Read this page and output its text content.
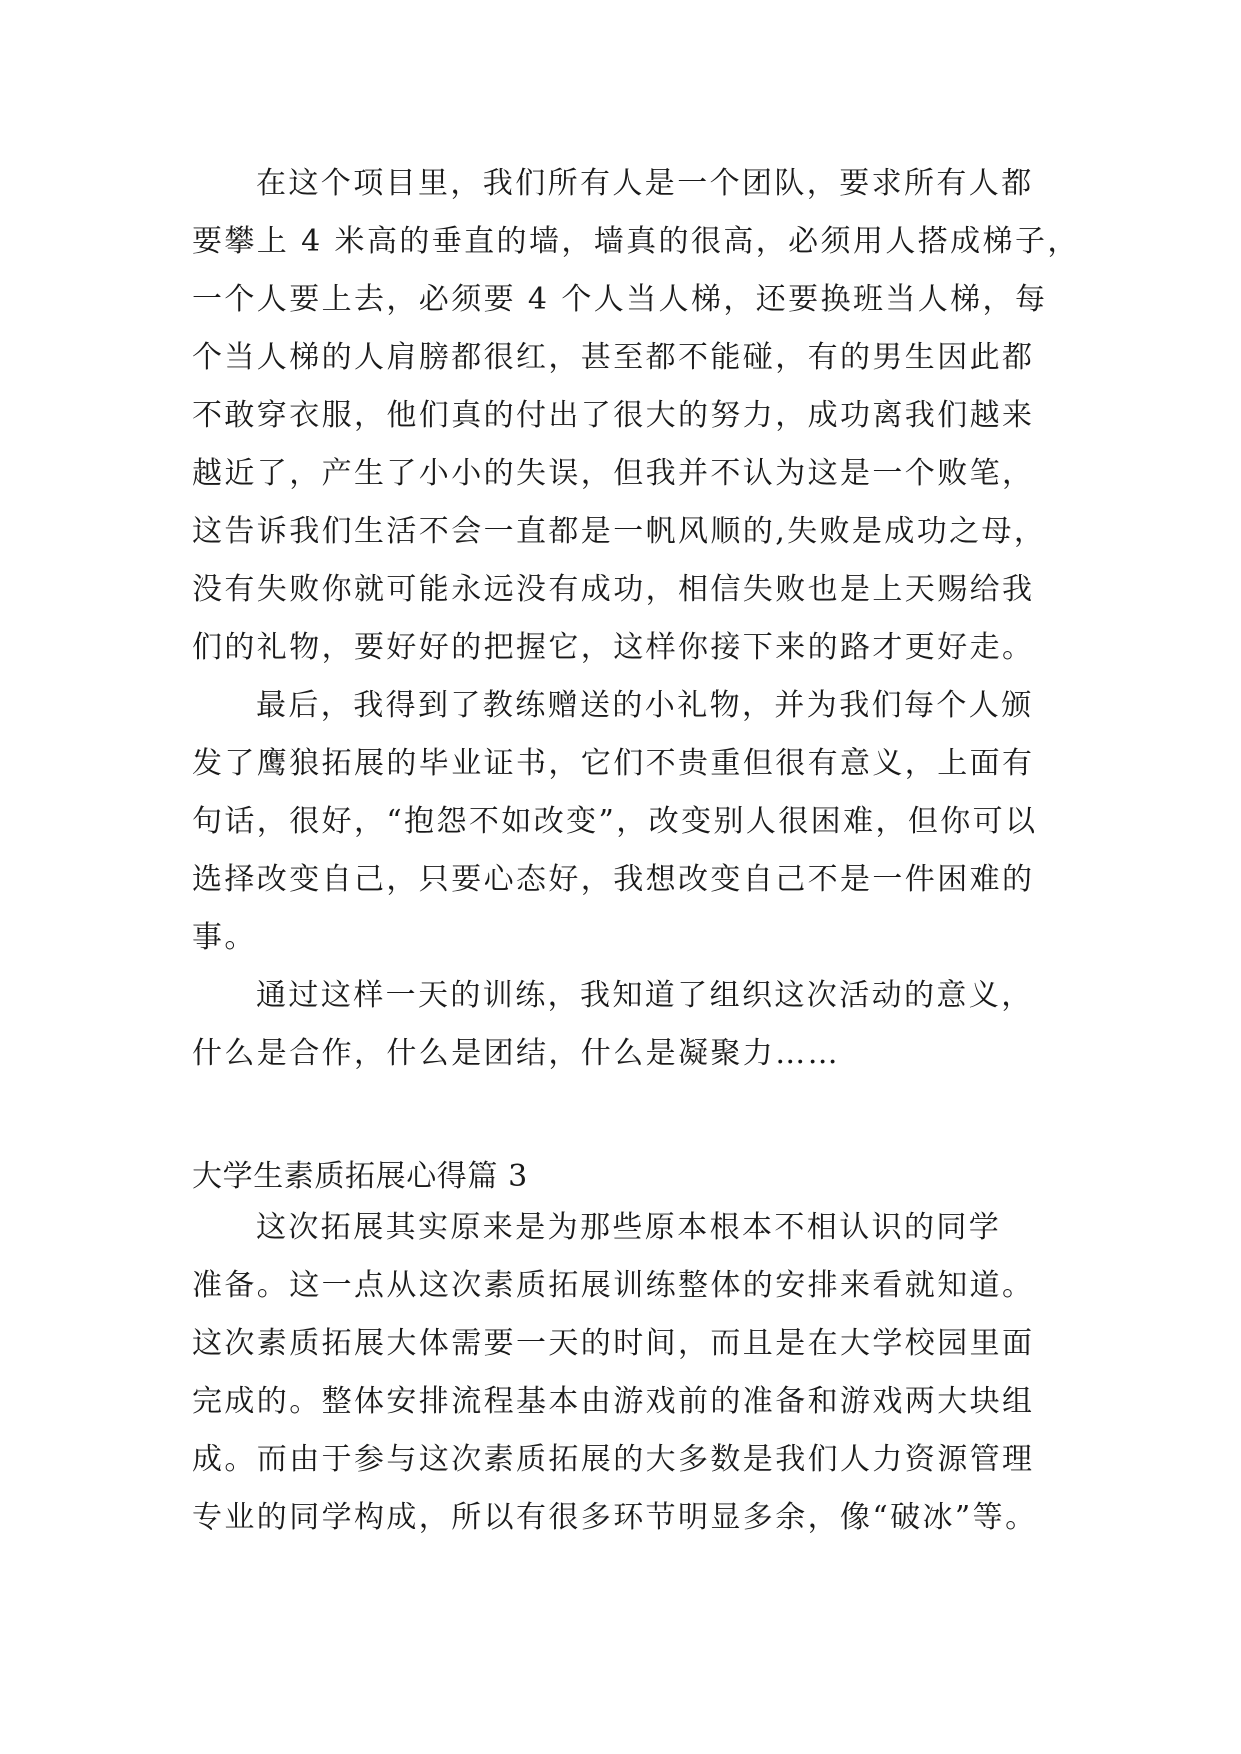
在这个项目里，我们所有人是一个团队，要求所有人都
要攀上 4 米高的垂直的墙，墙真的很高，必须用人搭成梯子，
一个人要上去，必须要 4 个人当人梯，还要换班当人梯，每
个当人梯的人肩膀都很红，甚至都不能碰，有的男生因此都
不敢穿衣服，他们真的付出了很大的努力，成功离我们越来
越近了，产生了小小的失误，但我并不认为这是一个败笔，
这告诉我们生活不会一直都是一帆风顺的,失败是成功之母，
没有失败你就可能永远没有成功，相信失败也是上天赐给我
们的礼物，要好好的把握它，这样你接下来的路才更好走。
最后，我得到了教练赠送的小礼物，并为我们每个人颁
发了鹰狼拓展的毕业证书，它们不贵重但很有意义，上面有
句话，很好，“抱怨不如改变”，改变别人很困难，但你可以
选择改变自己，只要心态好，我想改变自己不是一件困难的
事。
通过这样一天的训练，我知道了组织这次活动的意义，
什么是合作，什么是团结，什么是凝聚力……
大学生素质拓展心得篇 3
这次拓展其实原来是为那些原本根本不相认识的同学
准备。这一点从这次素质拓展训练整体的安排来看就知道。
这次素质拓展大体需要一天的时间，而且是在大学校园里面
完成的。整体安排流程基本由游戏前的准备和游戏两大块组
成。而由于参与这次素质拓展的大多数是我们人力资源管理
专业的同学构成，所以有很多环节明显多余，像“破冰”等。
